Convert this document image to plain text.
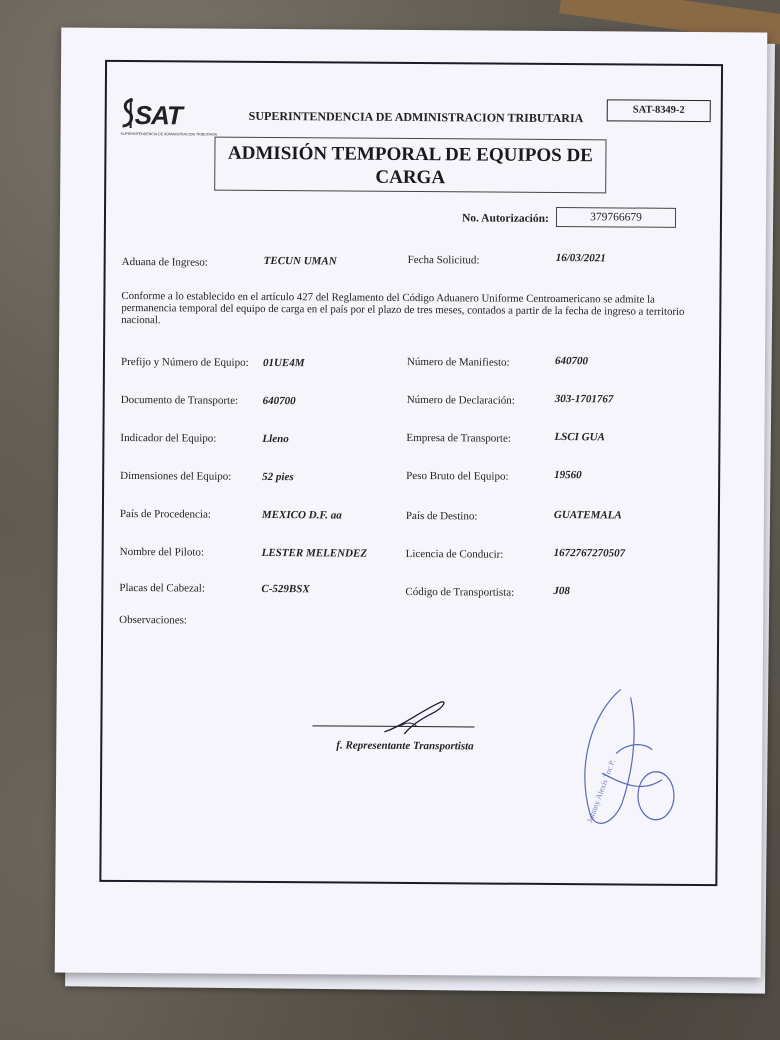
SAT
SUPERINTENDENCIA DE ADMINISTRACION TRIBUTARIA
SUPERINTENDENCIA DE ADMINISTRACION TRIBUTARIA	SAT-8349-2
ADMISIÓN TEMPORAL DE EQUIPOS DE
CARGA
No. Autorización:	379766679
Aduana de Ingreso:	TECUN UMAN	Fecha Solicitud:	16/03/2021
Conforme a lo establecido en el artículo 427 del Reglamento del Código Aduanero Uniforme Centroamericano se admite la permanencia temporal del equipo de carga en el país por el plazo de tres meses, contados a partir de la fecha de ingreso a territorio nacional.
Prefijo y Número de Equipo: 01UE4M	Número de Manifiesto:	640700
Documento de Transporte: 640700	Número de Declaración:	303-1701767
Indicador del Equipo:	Lleno	Empresa de Transporte:	LSCI GUA
Dimensiones del Equipo:	52 pies	Peso Bruto del Equipo:	19560
País de Procedencia:	MEXICO D.F. aa	País de Destino:	GUATEMALA
Nombre del Piloto:	LESTER MELENDEZ	Licencia de Conducir:	1672767270507
Placas del Cabezal:	C-529BSX	Código de Transportista:	J08
Observaciones:
f. Representante Transportista
Johnny Alexis Toc P.
